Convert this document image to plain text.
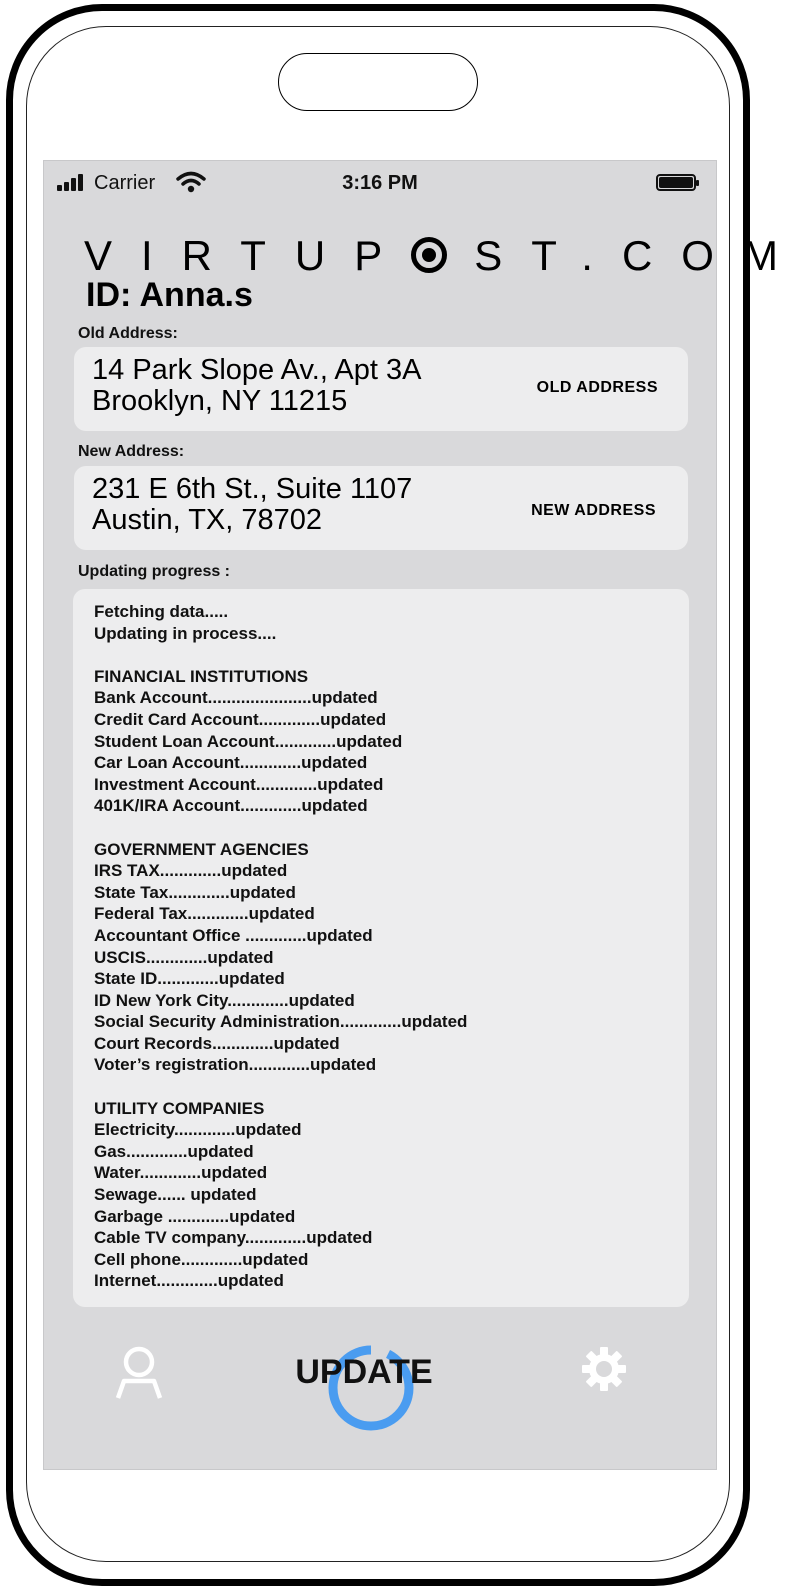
Carrier	3:16 PM
VIRTUP ST.COM
ID: Anna.s
Old Address:
14 Park Slope Av., Apt 3A
Brooklyn, NY 11215	OLD ADDRESS
New Address:
231 E 6th St., Suite 1107
Austin, TX, 78702	NEW ADDRESS
Updating progress :
Fetching data.....
Updating in process....
FINANCIAL INSTITUTIONS
Bank Account......................updated
Credit Card Account.............updated
Student Loan Account.............updated
Car Loan Account.............updated
Investment Account.............updated
401K/IRA Account.............updated
GOVERNMENT AGENCIES
IRS TAX.............updated
State Tax.............updated
Federal Tax.............updated
Accountant Office .............updated
USCIS.............updated
State ID.............updated
ID New York City.............updated
Social Security Administration.............updated
Court Records.............updated
Voter’s registration.............updated
UTILITY COMPANIES
Electricity.............updated
Gas.............updated
Water.............updated
Sewage...... updated
Garbage .............updated
Cable TV company.............updated
Cell phone.............updated
Internet.............updated
UPDATE
